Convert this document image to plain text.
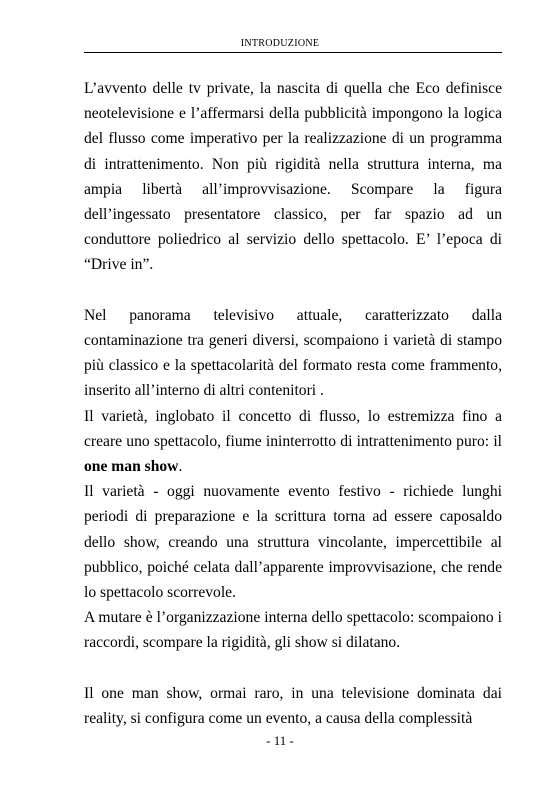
INTRODUZIONE

L’avvento delle tv private, la nascita di quella che Eco definisce neotelevisione e l’affermarsi della pubblicità impongono la logica del flusso come imperativo per la realizzazione di un programma di intrattenimento. Non più rigidità nella struttura interna, ma ampia libertà all’improvvisazione. Scompare la figura dell’ingessato presentatore classico, per far spazio ad un conduttore poliedrico al servizio dello spettacolo. E’ l’epoca di “Drive in”.

Nel panorama televisivo attuale, caratterizzato dalla contaminazione tra generi diversi, scompaiono i varietà di stampo più classico e la spettacolarità del formato resta come frammento, inserito all’interno di altri contenitori .

Il varietà, inglobato il concetto di flusso, lo estremizza fino a creare uno spettacolo, fiume ininterrotto di intrattenimento puro: il one man show.

Il varietà - oggi nuovamente evento festivo - richiede lunghi periodi di preparazione e la scrittura torna ad essere caposaldo dello show, creando una struttura vincolante, impercettibile al pubblico, poiché celata dall’apparente improvvisazione, che rende lo spettacolo scorrevole.

A mutare è l’organizzazione interna dello spettacolo: scompaiono i raccordi, scompare la rigidità, gli show si dilatano.

Il one man show, ormai raro, in una televisione dominata dai reality, si configura come un evento, a causa della complessità

- 11 -
